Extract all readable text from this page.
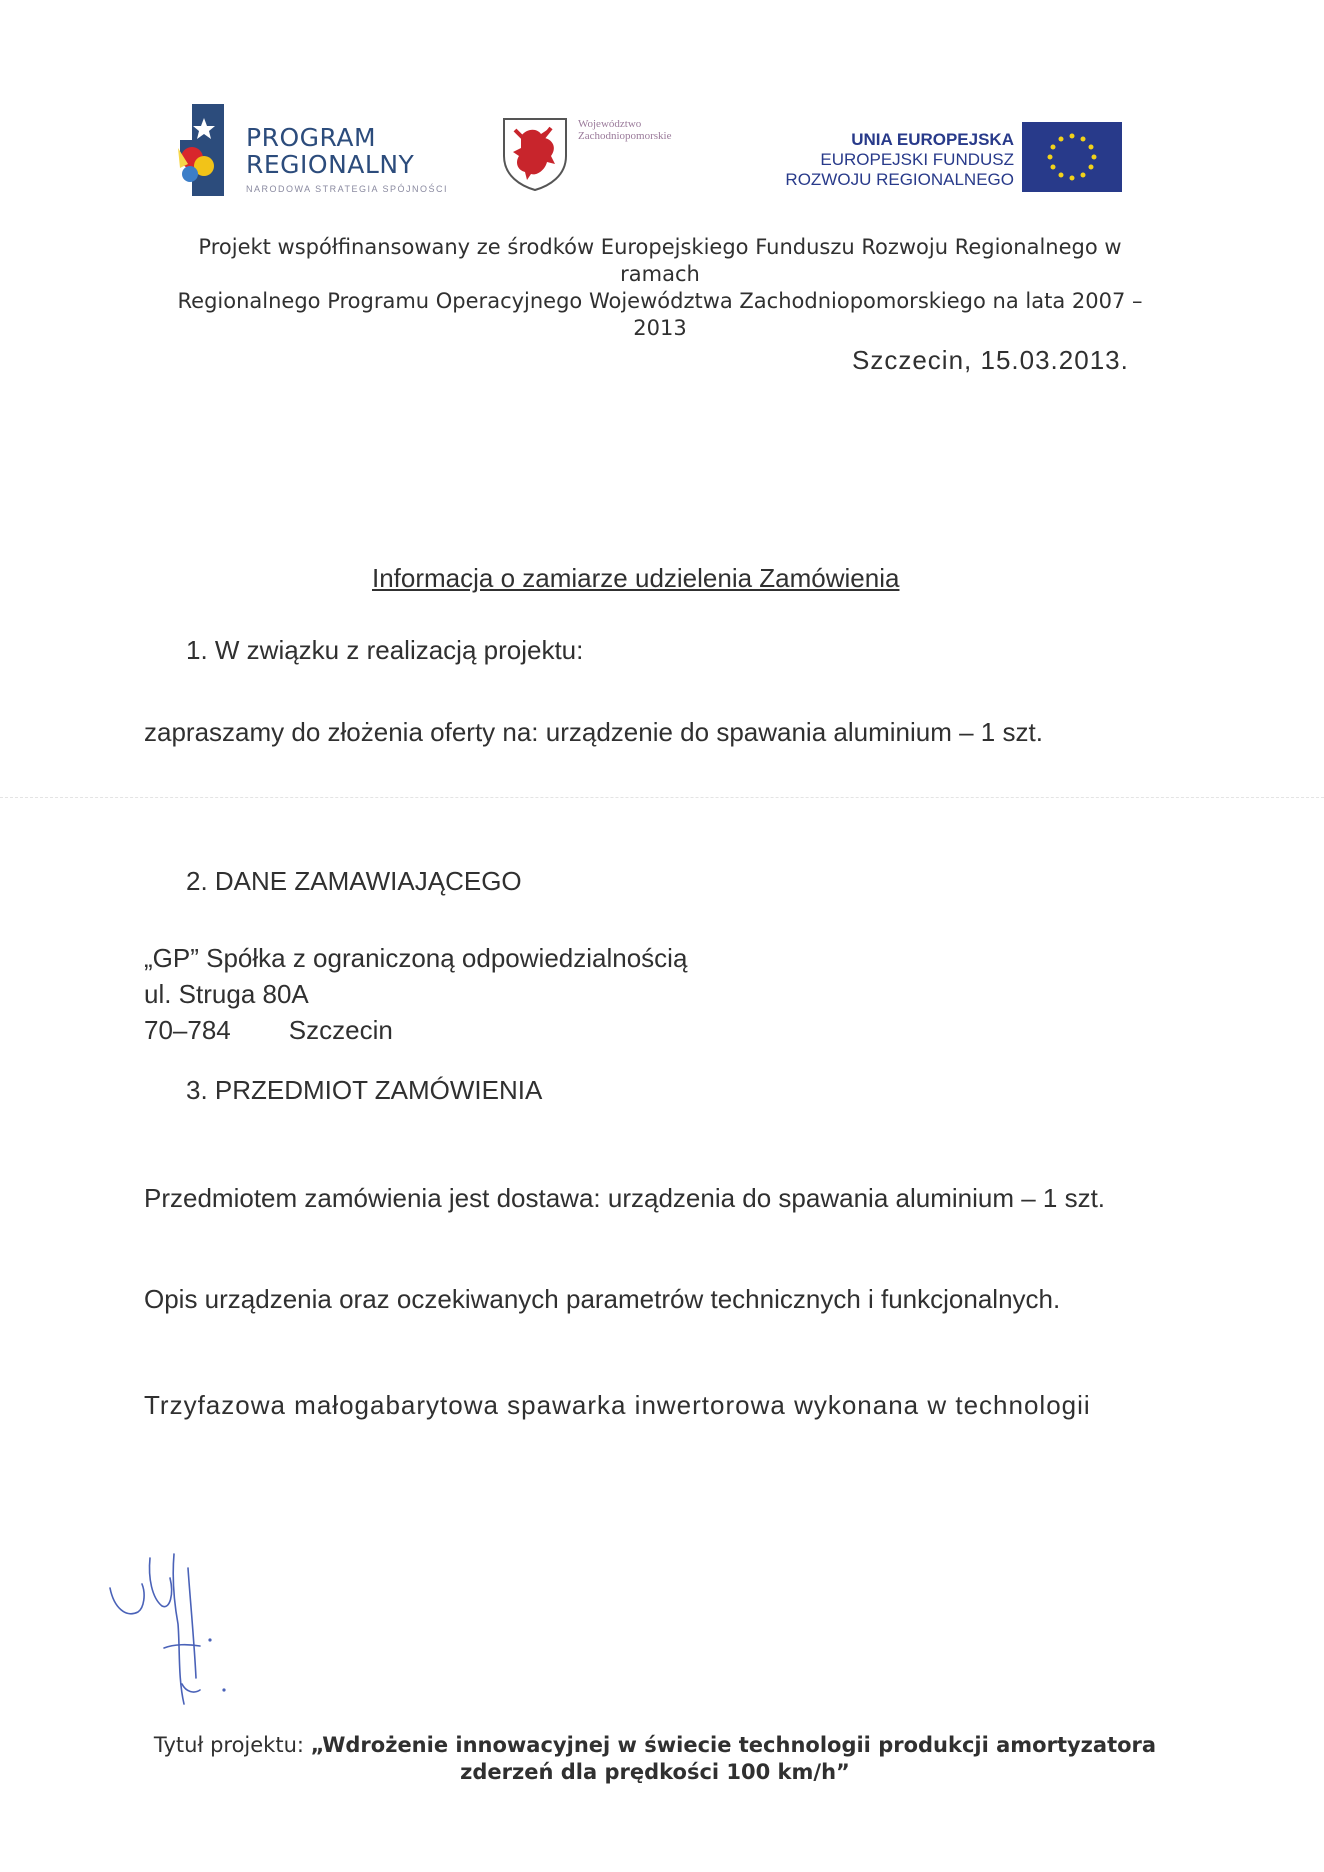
PROGRAM
REGIONALNY
NARODOWA STRATEGIA SPÓJNOŚCI
Województwo
Zachodniopomorskie	UNIA EUROPEJSKA
EUROPEJSKI FUNDUSZ
ROZWOJU REGIONALNEGO
Projekt współfinansowany ze środków Europejskiego Funduszu Rozwoju Regionalnego w ramach
Regionalnego Programu Operacyjnego Województwa Zachodniopomorskiego na lata 2007 – 2013
Szczecin, 15.03.2013.
Informacja o zamiarze udzielenia Zamówienia
1. W związku z realizacją projektu:
zapraszamy do złożenia oferty na: urządzenie do spawania aluminium – 1 szt.
2. DANE ZAMAWIAJĄCEGO
„GP” Spółka z ograniczoną odpowiedzialnością
ul. Struga 80A
70–784 Szczecin
3. PRZEDMIOT ZAMÓWIENIA
Przedmiotem zamówienia jest dostawa: urządzenia do spawania aluminium – 1 szt.
Opis urządzenia oraz oczekiwanych parametrów technicznych i funkcjonalnych.
Trzyfazowa małogabarytowa spawarka inwertorowa wykonana w technologii
Tytuł projektu: „Wdrożenie innowacyjnej w świecie technologii produkcji amortyzatora
zderzeń dla prędkości 100 km/h”
